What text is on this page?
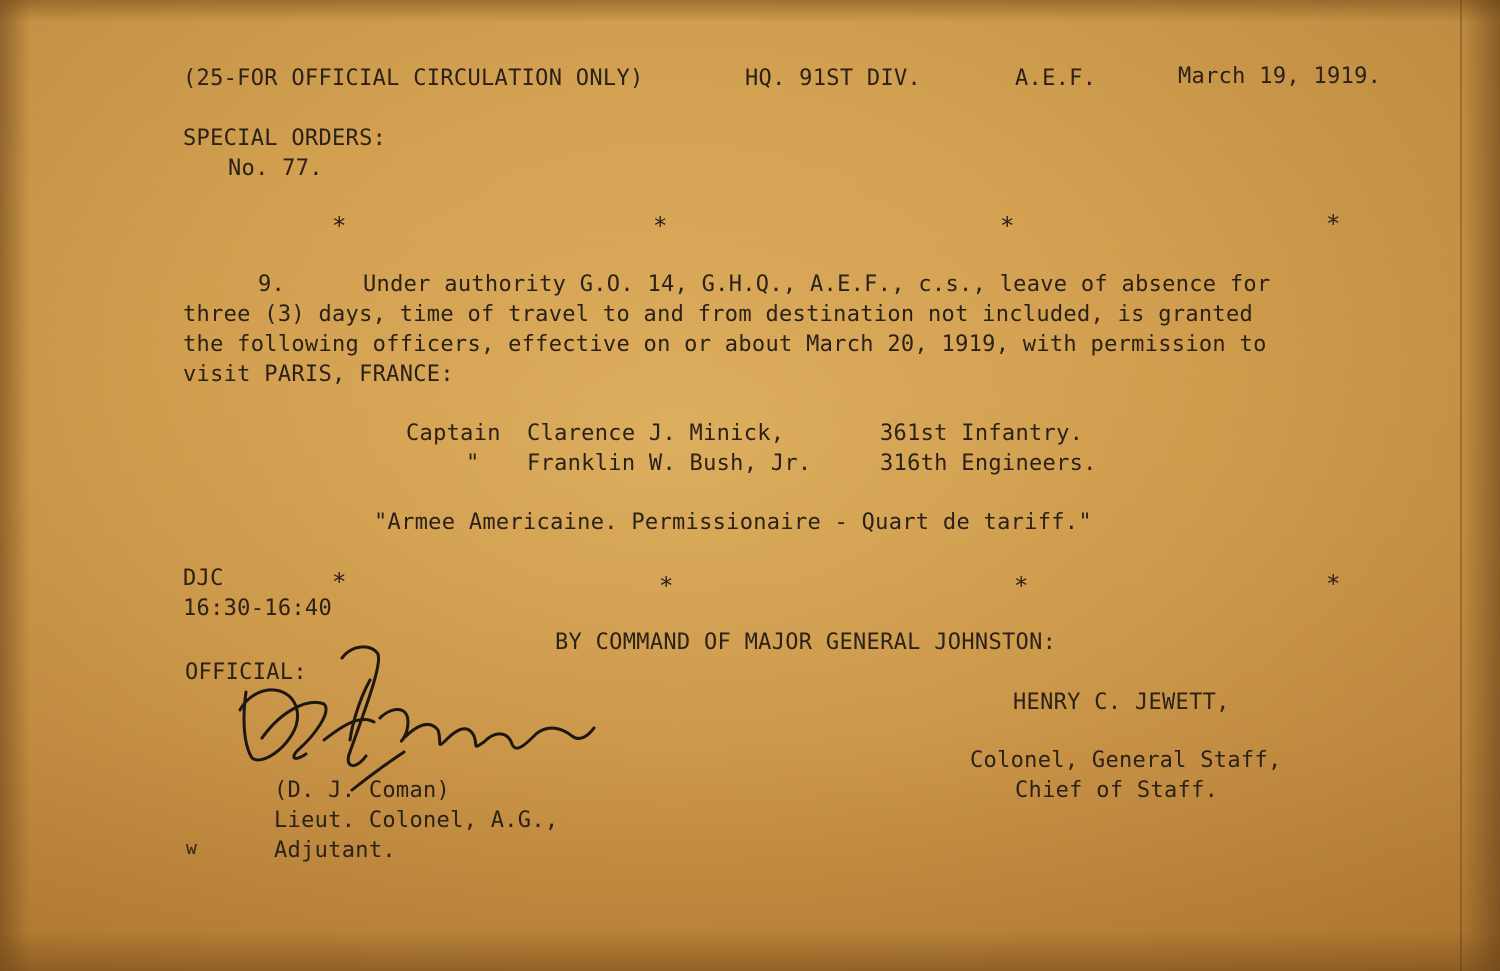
(25-FOR OFFICIAL CIRCULATION ONLY)	HQ. 91ST DIV.	A.E.F.	March 19, 1919.
SPECIAL ORDERS:
No. 77.
*	*	*	*
9.	Under authority G.O. 14, G.H.Q., A.E.F., c.s., leave of absence for
three (3) days, time of travel to and from destination not included, is granted
the following officers, effective on or about March 20, 1919, with permission to
visit PARIS, FRANCE:
Captain Clarence J. Minick,	361st Infantry.
" Franklin W. Bush, Jr.	316th Engineers.
"Armee Americaine. Permissionaire - Quart de tariff."
DJC
16:30-16:40
*	*	*	*
BY COMMAND OF MAJOR GENERAL JOHNSTON:
OFFICIAL:
(D. J. Coman)
Lieut. Colonel, A.G.,
Adjutant.
w
HENRY C. JEWETT,
Colonel, General Staff,
Chief of Staff.
